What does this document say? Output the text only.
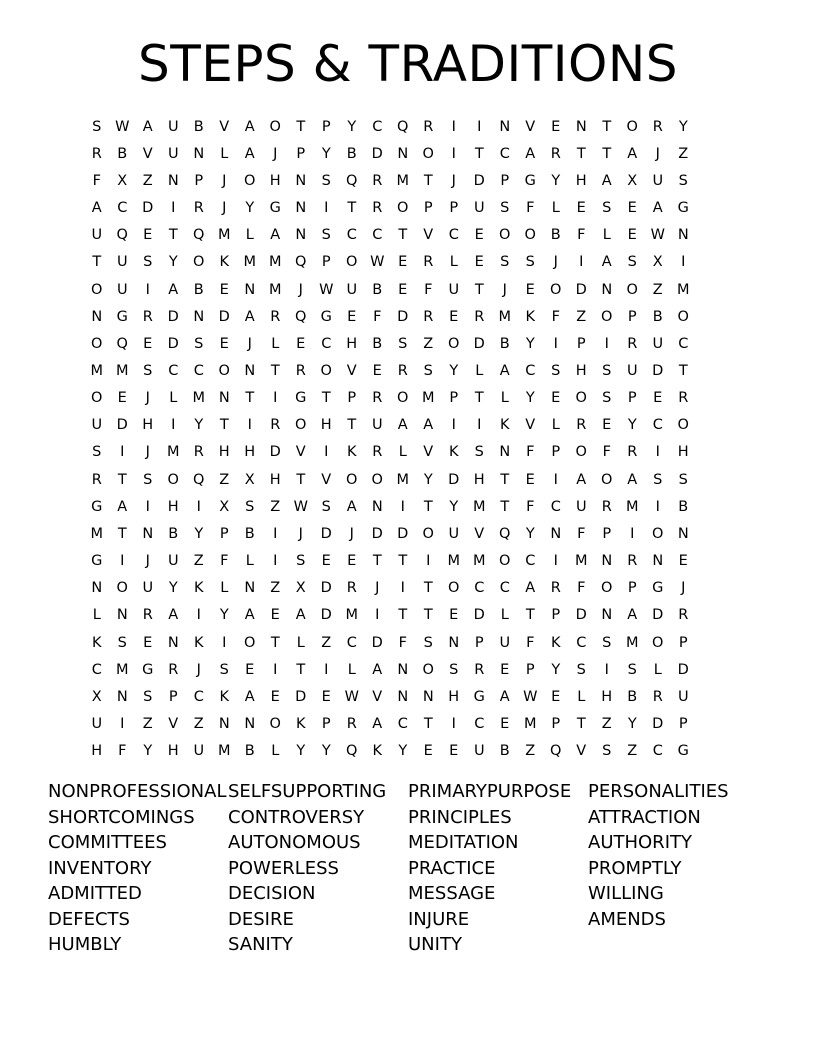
STEPS & TRADITIONS
S W A	U	B	V	A	O	T	P	Y	C	Q	R	I	I	N	V	E	N	T	O	R	Y
R	B	V	U	N	L	A	J	P	Y	B	D N O	I	T	C	A	R	T	T	A	J	Z
F	X	Z	N	P	J	O H	N	S	Q	R M	T	J	D	P	G	Y	H	A	X	U	S
A	C	D	I	R	J	Y	G N	I	T	R	O	P	P	U	S	F	L	E	S	E	A	G
U Q	E	T	Q M	L	A	N	S	C	C	T	V	C	E	O O	B	F	L	E W N
T	U	S	Y	O	K M M Q	P	O W E	R	L	E	S	S	J	I	A	S	X	I
O U	I	A	B	E	N M	J	W U	B	E	F	U	T	J	E	O D N O	Z M
N G	R	D N D	A	R	Q G	E	F	D	R	E	R M K	F	Z	O	P	B	O
O Q	E	D	S	E	J	L	E	C	H	B	S	Z	O D	B	Y	I	P	I	R	U	C
M M	S	C	C	O N	T	R	O	V	E	R	S	Y	L	A	C	S	H	S	U	D	T
O	E	J	L	M N	T	I	G	T	P	R	O M	P	T	L	Y	E	O	S	P	E	R
U	D H	I	Y	T	I	R	O H	T	U	A	A	I	I	K	V	L	R	E	Y	C	O
S	I	J	M R	H	H D	V	I	K	R	L	V	K	S	N	F	P	O	F	R	I	H
R	T	S	O Q	Z	X	H	T	V	O O M	Y	D H	T	E	I	A	O	A	S	S
G	A	I	H	I	X	S	Z W S	A	N	I	T	Y	M	T	F	C	U	R M	I	B
M	T	N	B	Y	P	B	I	J	D	J	D D O U	V	Q	Y	N	F	P	I	O N
G	I	J	U	Z	F	L	I	S	E	E	T	T	I	M M O	C	I	M N	R	N	E
N O U	Y	K	L	N	Z	X	D	R	J	I	T	O	C	C	A	R	F	O	P	G	J
L	N	R	A	I	Y	A	E	A	D M	I	T	T	E	D	L	T	P	D N	A	D	R
K	S	E	N	K	I	O	T	L	Z	C	D	F	S	N	P	U	F	K	C	S	M O	P
C M G	R	J	S	E	I	T	I	L	A	N O	S	R	E	P	Y	S	I	S	L	D
X	N	S	P	C	K	A	E	D	E W V	N	N	H G	A W E	L	H	B	R	U
U	I	Z	V	Z	N	N O	K	P	R	A	C	T	I	C	E	M	P	T	Z	Y	D	P
H	F	Y	H	U M B	L	Y	Y	Q	K	Y	E	E	U	B	Z	Q	V	S	Z	C	G
NONPROFESSIONAL
SHORTCOMINGS
COMMITTEES
INVENTORY
ADMITTED
DEFECTS
HUMBLY
SELFSUPPORTING
CONTROVERSY
AUTONOMOUS
POWERLESS
DECISION
DESIRE
SANITY
PRIMARYPURPOSE
PRINCIPLES
MEDITATION
PRACTICE
MESSAGE
INJURE
UNITY
PERSONALITIES
ATTRACTION
AUTHORITY
PROMPTLY
WILLING
AMENDS
